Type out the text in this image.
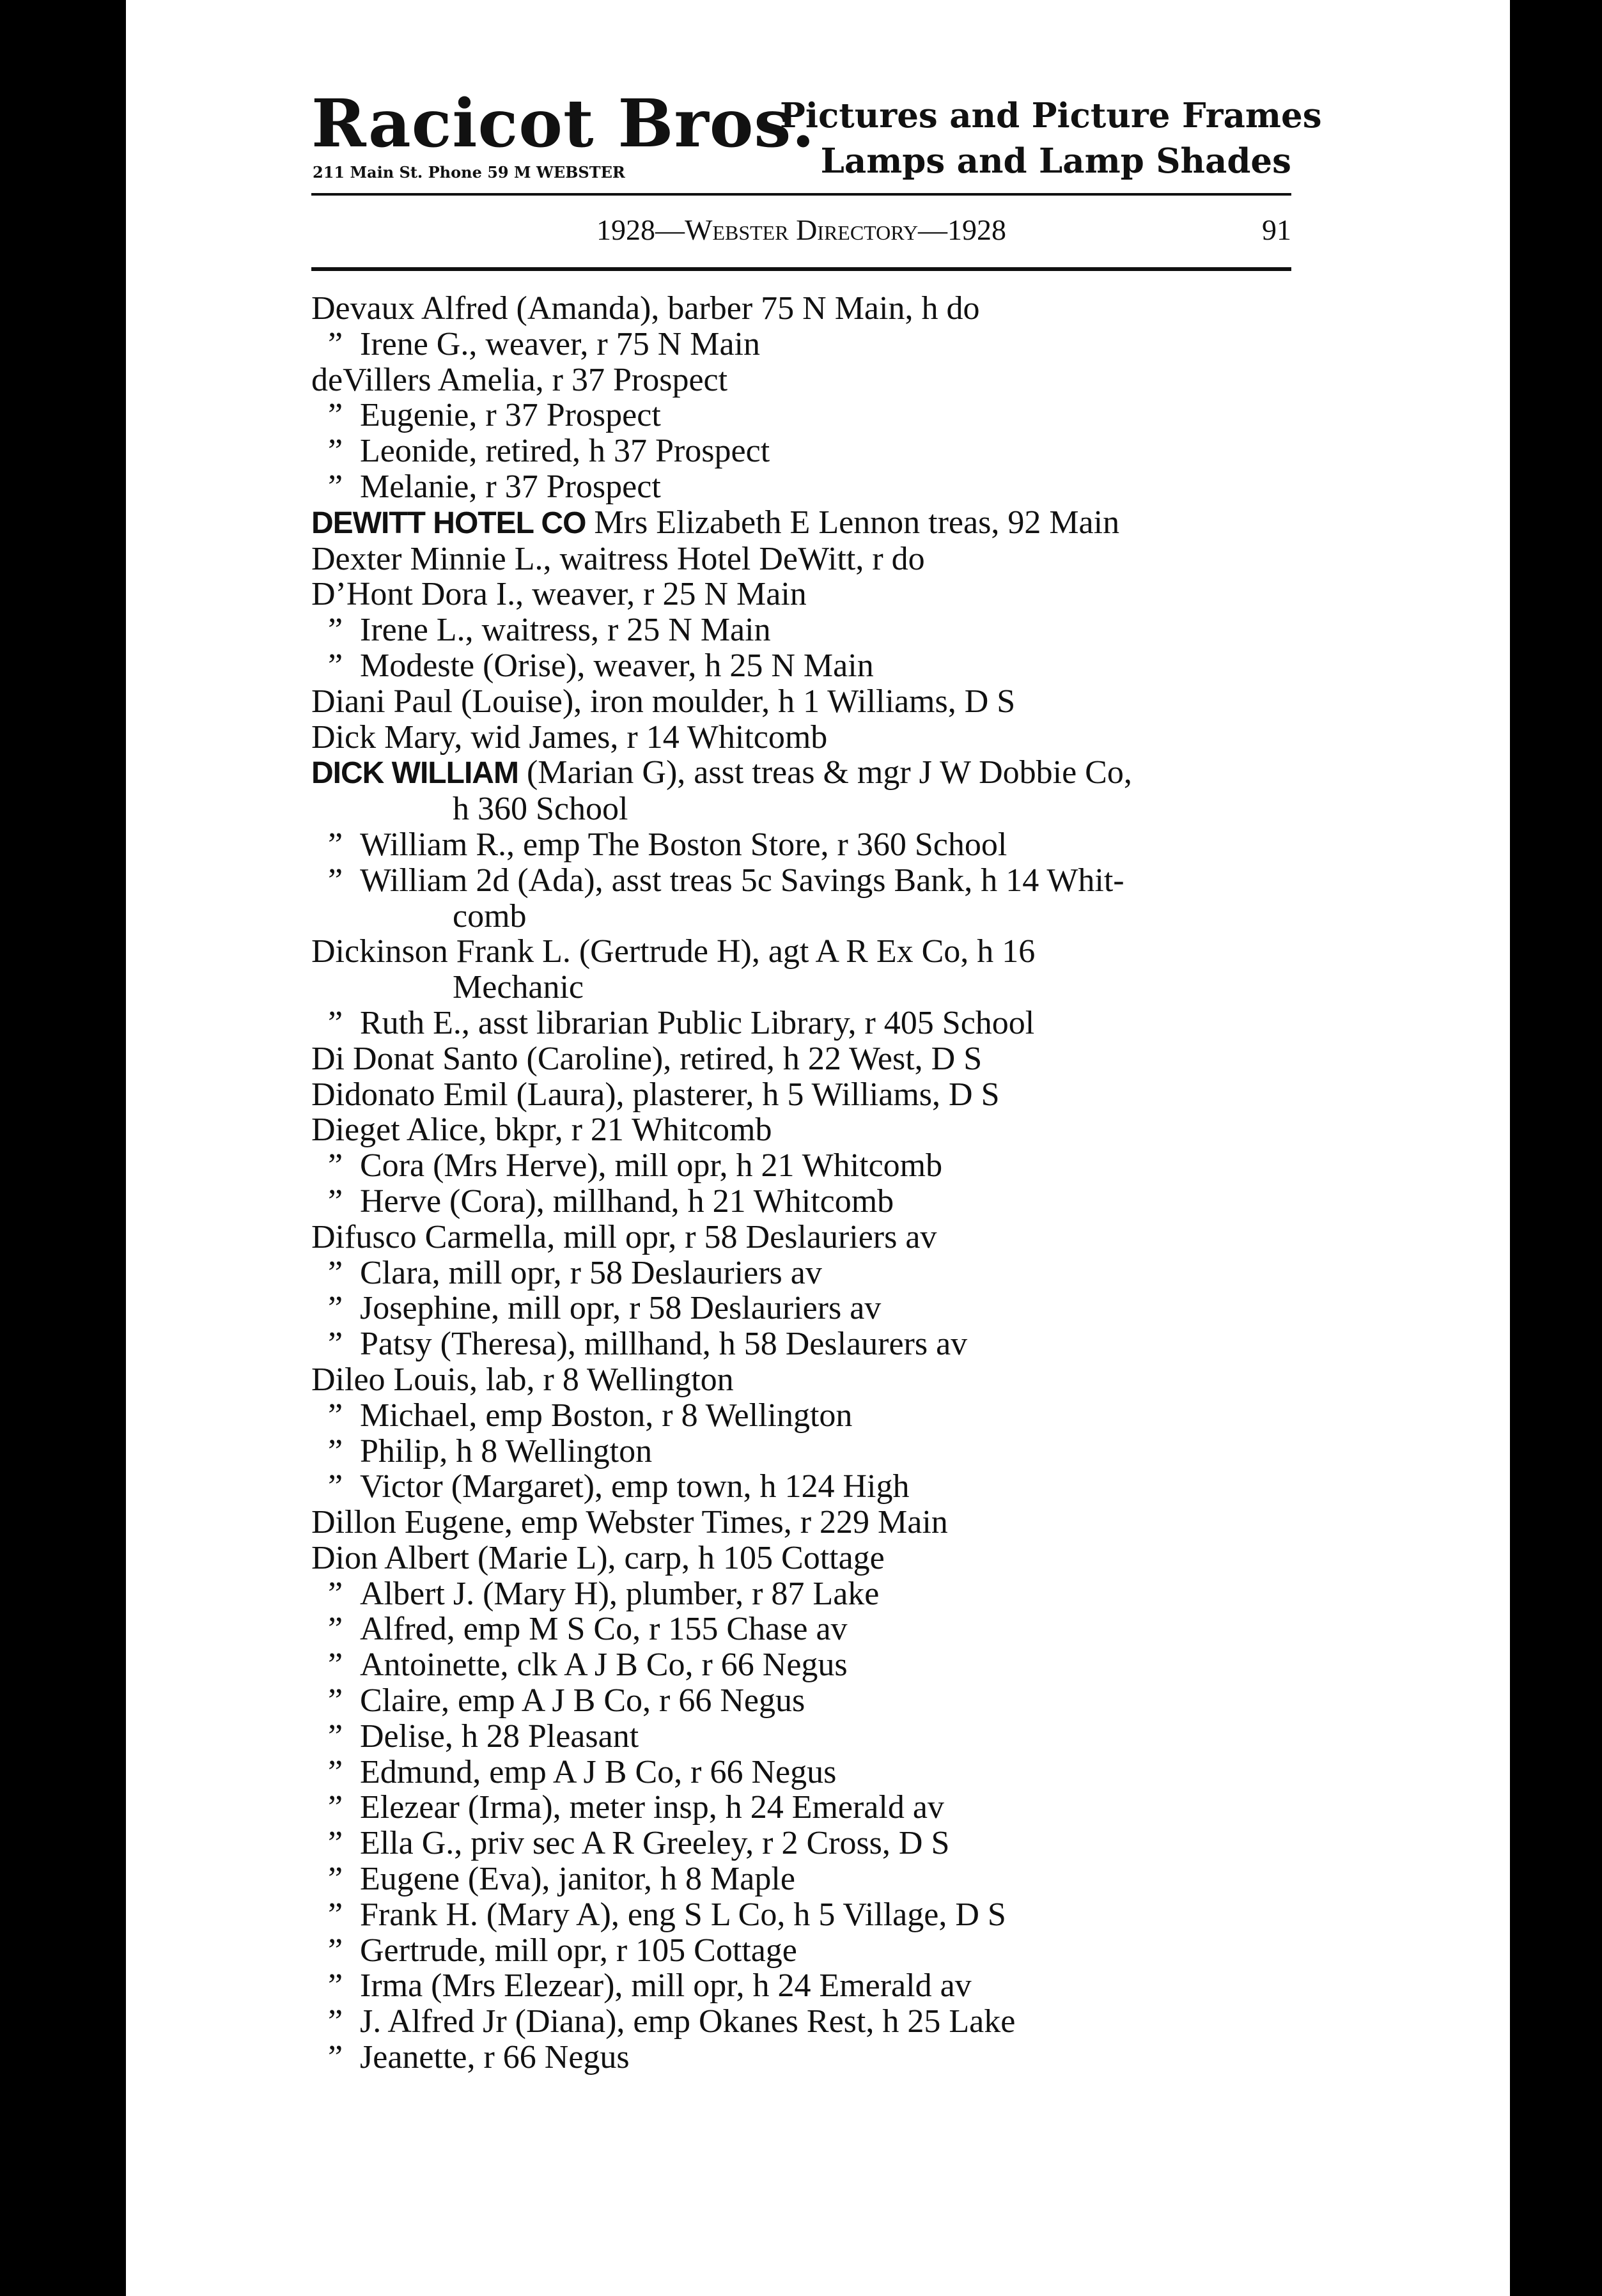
Racicot Bros.
211 Main St. Phone 59 M WEBSTER
Pictures and Picture Frames
Lamps and Lamp Shades
1928—Webster Directory—1928	91
Devaux Alfred (Amanda), barber 75 N Main, h do
” Irene G., weaver, r 75 N Main
deVillers Amelia, r 37 Prospect
” Eugenie, r 37 Prospect
” Leonide, retired, h 37 Prospect
” Melanie, r 37 Prospect
DEWITT HOTEL CO Mrs Elizabeth E Lennon treas, 92 Main
Dexter Minnie L., waitress Hotel DeWitt, r do
D’Hont Dora I., weaver, r 25 N Main
” Irene L., waitress, r 25 N Main
” Modeste (Orise), weaver, h 25 N Main
Diani Paul (Louise), iron moulder, h 1 Williams, D S
Dick Mary, wid James, r 14 Whitcomb
DICK WILLIAM (Marian G), asst treas & mgr J W Dobbie Co,
h 360 School
” William R., emp The Boston Store, r 360 School
” William 2d (Ada), asst treas 5c Savings Bank, h 14 Whit-
comb
Dickinson Frank L. (Gertrude H), agt A R Ex Co, h 16
Mechanic
” Ruth E., asst librarian Public Library, r 405 School
Di Donat Santo (Caroline), retired, h 22 West, D S
Didonato Emil (Laura), plasterer, h 5 Williams, D S
Dieget Alice, bkpr, r 21 Whitcomb
” Cora (Mrs Herve), mill opr, h 21 Whitcomb
” Herve (Cora), millhand, h 21 Whitcomb
Difusco Carmella, mill opr, r 58 Deslauriers av
” Clara, mill opr, r 58 Deslauriers av
” Josephine, mill opr, r 58 Deslauriers av
” Patsy (Theresa), millhand, h 58 Deslaurers av
Dileo Louis, lab, r 8 Wellington
” Michael, emp Boston, r 8 Wellington
” Philip, h 8 Wellington
” Victor (Margaret), emp town, h 124 High
Dillon Eugene, emp Webster Times, r 229 Main
Dion Albert (Marie L), carp, h 105 Cottage
” Albert J. (Mary H), plumber, r 87 Lake
” Alfred, emp M S Co, r 155 Chase av
” Antoinette, clk A J B Co, r 66 Negus
” Claire, emp A J B Co, r 66 Negus
” Delise, h 28 Pleasant
” Edmund, emp A J B Co, r 66 Negus
” Elezear (Irma), meter insp, h 24 Emerald av
” Ella G., priv sec A R Greeley, r 2 Cross, D S
” Eugene (Eva), janitor, h 8 Maple
” Frank H. (Mary A), eng S L Co, h 5 Village, D S
” Gertrude, mill opr, r 105 Cottage
” Irma (Mrs Elezear), mill opr, h 24 Emerald av
” J. Alfred Jr (Diana), emp Okanes Rest, h 25 Lake
” Jeanette, r 66 Negus
